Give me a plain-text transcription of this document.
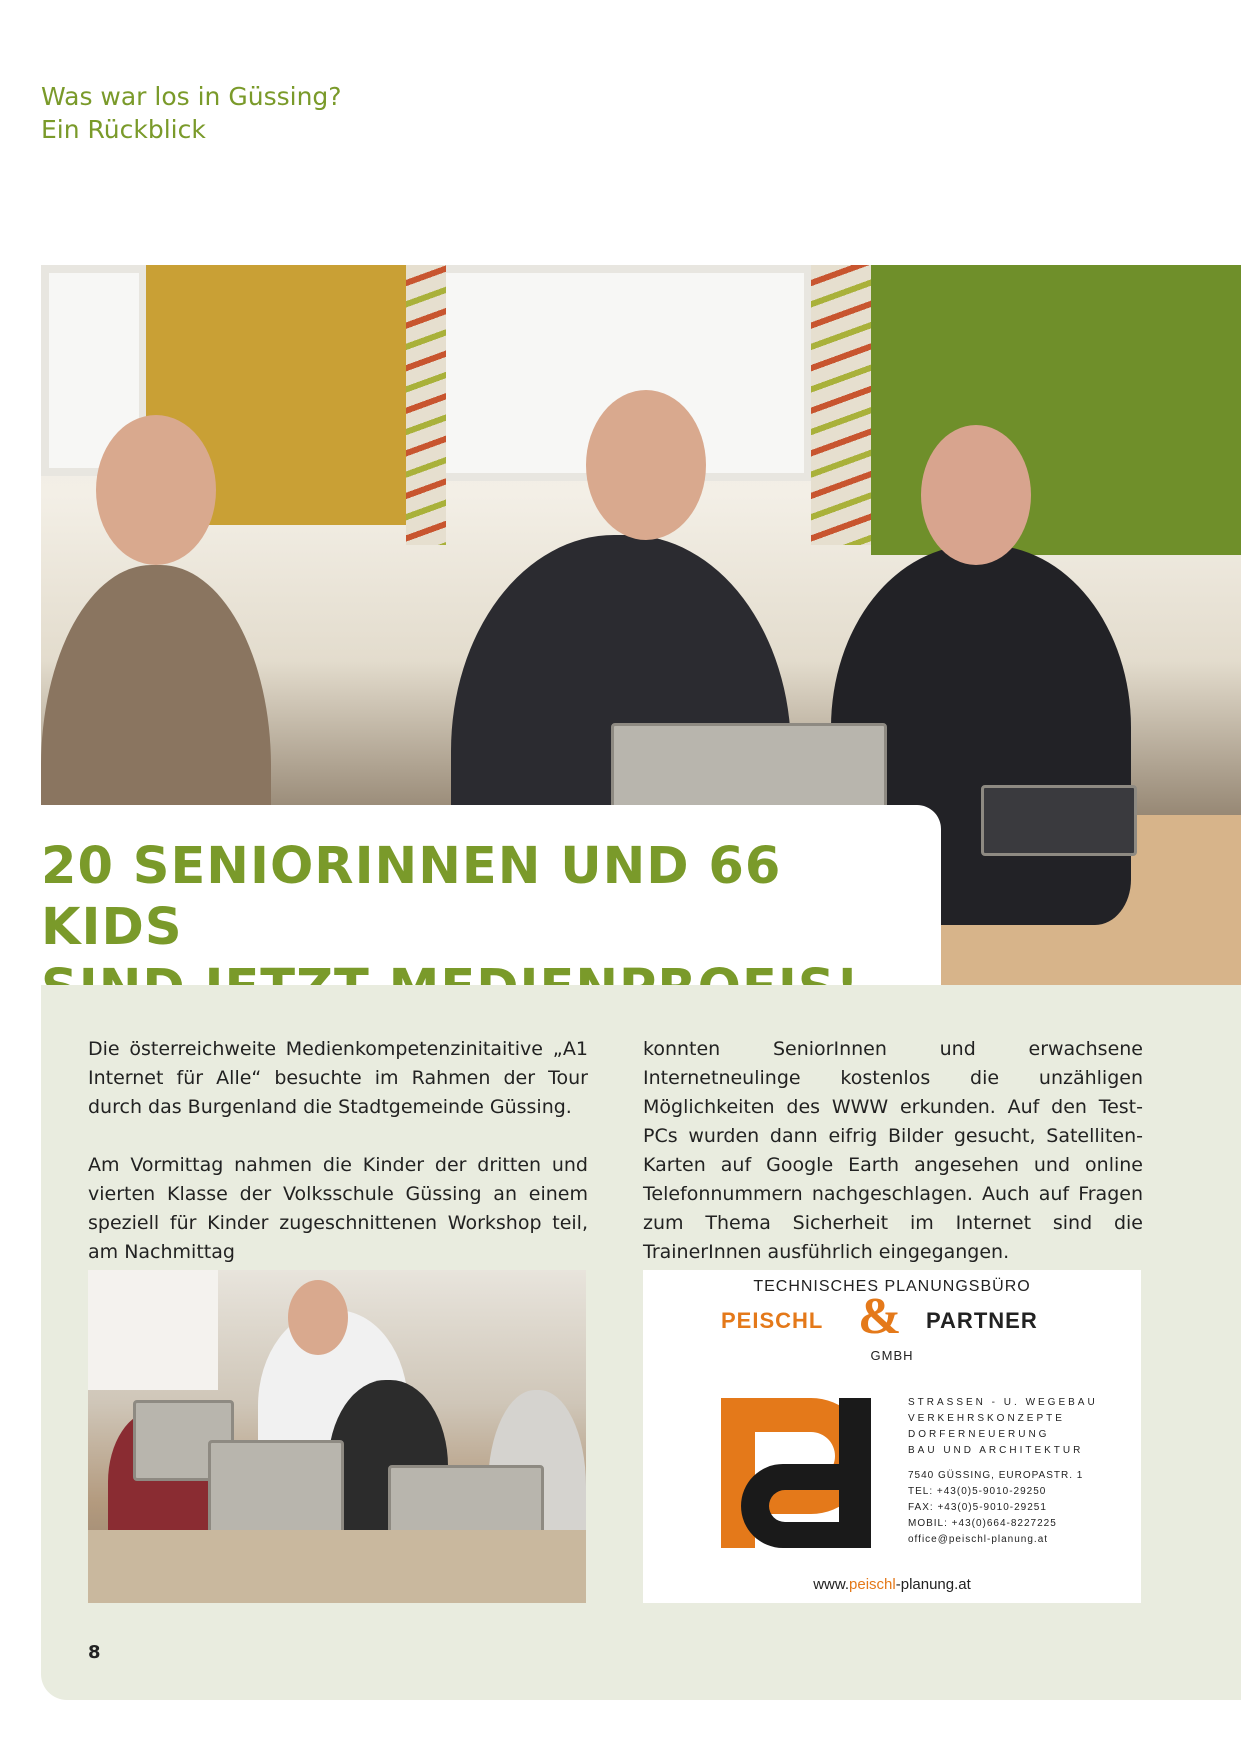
Was war los in Güssing?
Ein Rückblick
20 SENIORINNEN UND 66 KIDS

Die österreichweite Medienkompetenzinitaitive „A1 Internet für Alle“ besuchte im Rahmen der Tour durch das Burgenland die Stadtgemeinde Güssing.

Am Vormittag nahmen die Kinder der dritten und vierten Klasse der Volksschule Güssing an einem speziell für Kinder zugeschnittenen Workshop teil, am Nachmittag

konnten SeniorInnen und erwachsene Internetneulinge kostenlos die unzähligen Möglichkeiten des WWW erkunden. Auf den Test-PCs wurden dann eifrig Bilder gesucht, Satelliten-Karten auf Google Earth angesehen und online Telefonnummern nachgeschlagen. Auch auf Fragen zum Thema Sicherheit im Internet sind die TrainerInnen ausführlich eingegangen.

TECHNISCHES PLANUNGSBÜRO
PEISCHL & PARTNER
GMBH
STRASSEN - U. WEGEBAU
VERKEHRSKONZEPTE
DORFERNEUERUNG
BAU UND ARCHITEKTUR
7540 GÜSSING, EUROPASTR. 1
TEL: +43(0)5-9010-29250
FAX: +43(0)5-9010-29251
MOBIL: +43(0)664-8227225
office@peischl-planung.at
www.peischl-planung.at
8
